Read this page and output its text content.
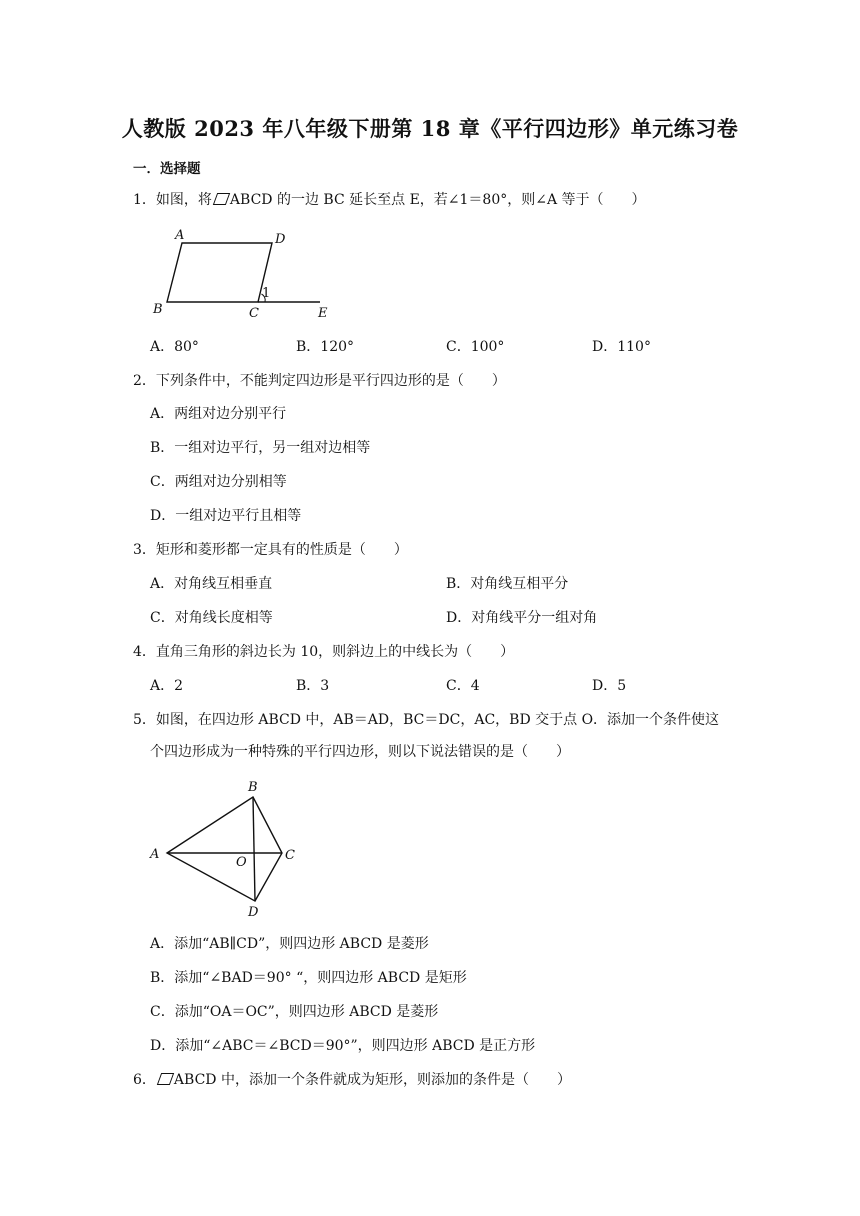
人教版 2023 年八年级下册第 18 章《平行四边形》单元练习卷
一．选择题
1．如图，将 ABCD 的一边 BC 延长至点 E，若∠1＝80°，则∠A 等于（　　）
A	D
B	C	E
1
A．80°	B．120°	C．100°	D．110°
2．下列条件中，不能判定四边形是平行四边形的是（　　）
A．两组对边分别平行
B．一组对边平行，另一组对边相等
C．两组对边分别相等
D．一组对边平行且相等
3．矩形和菱形都一定具有的性质是（　　）
A．对角线互相垂直	B．对角线互相平分
C．对角线长度相等	D．对角线平分一组对角
4．直角三角形的斜边长为 10，则斜边上的中线长为（　　）
A．2	B．3	C．4	D．5
5．如图，在四边形 ABCD 中，AB＝AD，BC＝DC，AC，BD 交于点 O．添加一个条件使这
个四边形成为一种特殊的平行四边形，则以下说法错误的是（　　）
B
A
O	C
D
A．添加“AB∥CD”，则四边形 ABCD 是菱形
B．添加“∠BAD＝90° “，则四边形 ABCD 是矩形
C．添加“OA＝OC”，则四边形 ABCD 是菱形
D．添加“∠ABC＝∠BCD＝90°”，则四边形 ABCD 是正方形
6． ABCD 中，添加一个条件就成为矩形，则添加的条件是（　　）
